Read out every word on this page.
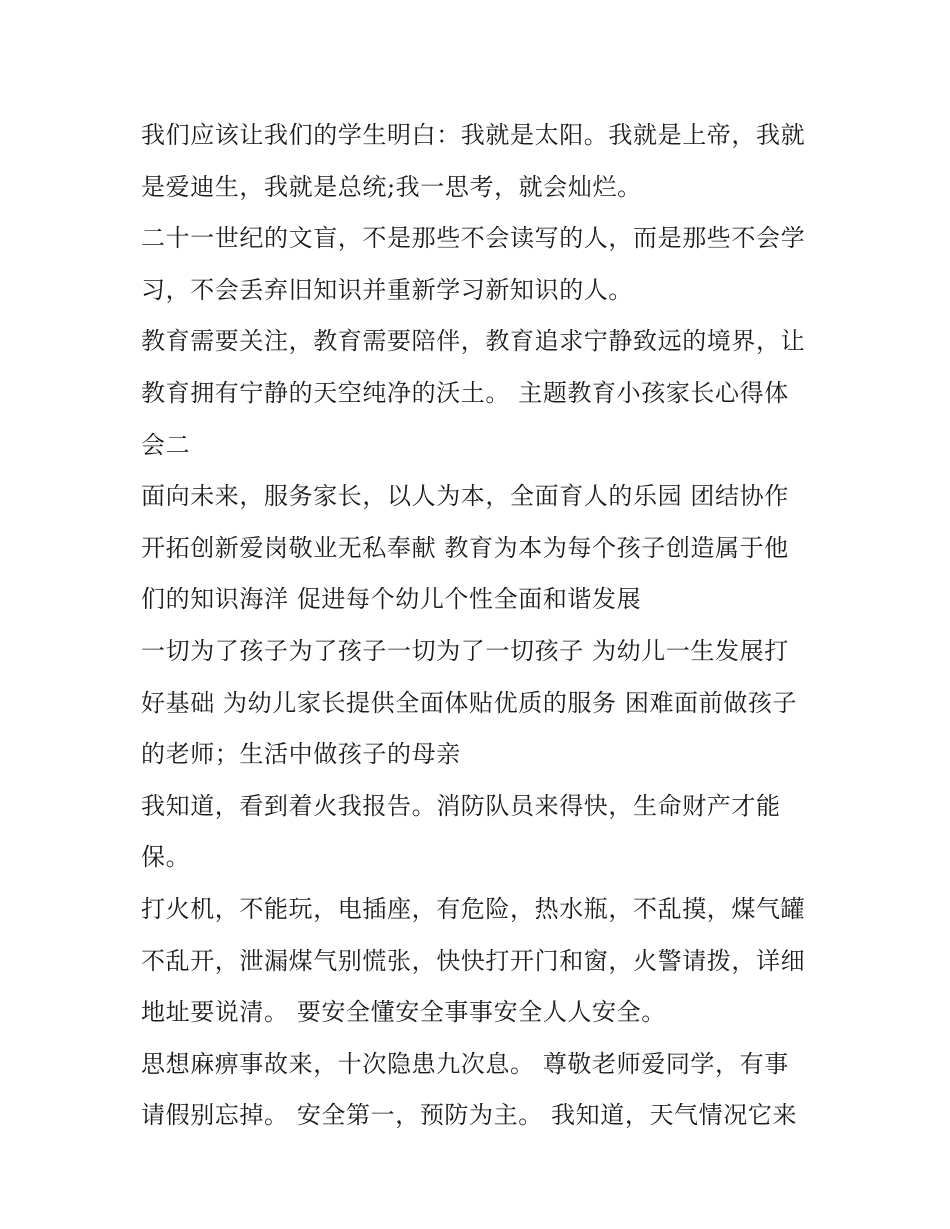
我们应该让我们的学生明白：我就是太阳。我就是上帝，我就
是爱迪生，我就是总统;我一思考，就会灿烂。
二十一世纪的文盲，不是那些不会读写的人，而是那些不会学
习，不会丢弃旧知识并重新学习新知识的人。
教育需要关注，教育需要陪伴，教育追求宁静致远的境界，让
教育拥有宁静的天空纯净的沃土。 主题教育小孩家长心得体
会二
面向未来，服务家长，以人为本，全面育人的乐园 团结协作
开拓创新爱岗敬业无私奉献 教育为本为每个孩子创造属于他
们的知识海洋 促进每个幼儿个性全面和谐发展
一切为了孩子为了孩子一切为了一切孩子 为幼儿一生发展打
好基础 为幼儿家长提供全面体贴优质的服务 困难面前做孩子
的老师；生活中做孩子的母亲
我知道，看到着火我报告。消防队员来得快，生命财产才能
保。
打火机，不能玩，电插座，有危险，热水瓶，不乱摸，煤气罐
不乱开，泄漏煤气别慌张，快快打开门和窗，火警请拨，详细
地址要说清。 要安全懂安全事事安全人人安全。
思想麻痹事故来，十次隐患九次息。 尊敬老师爱同学，有事
请假别忘掉。 安全第一，预防为主。 我知道，天气情况它来
